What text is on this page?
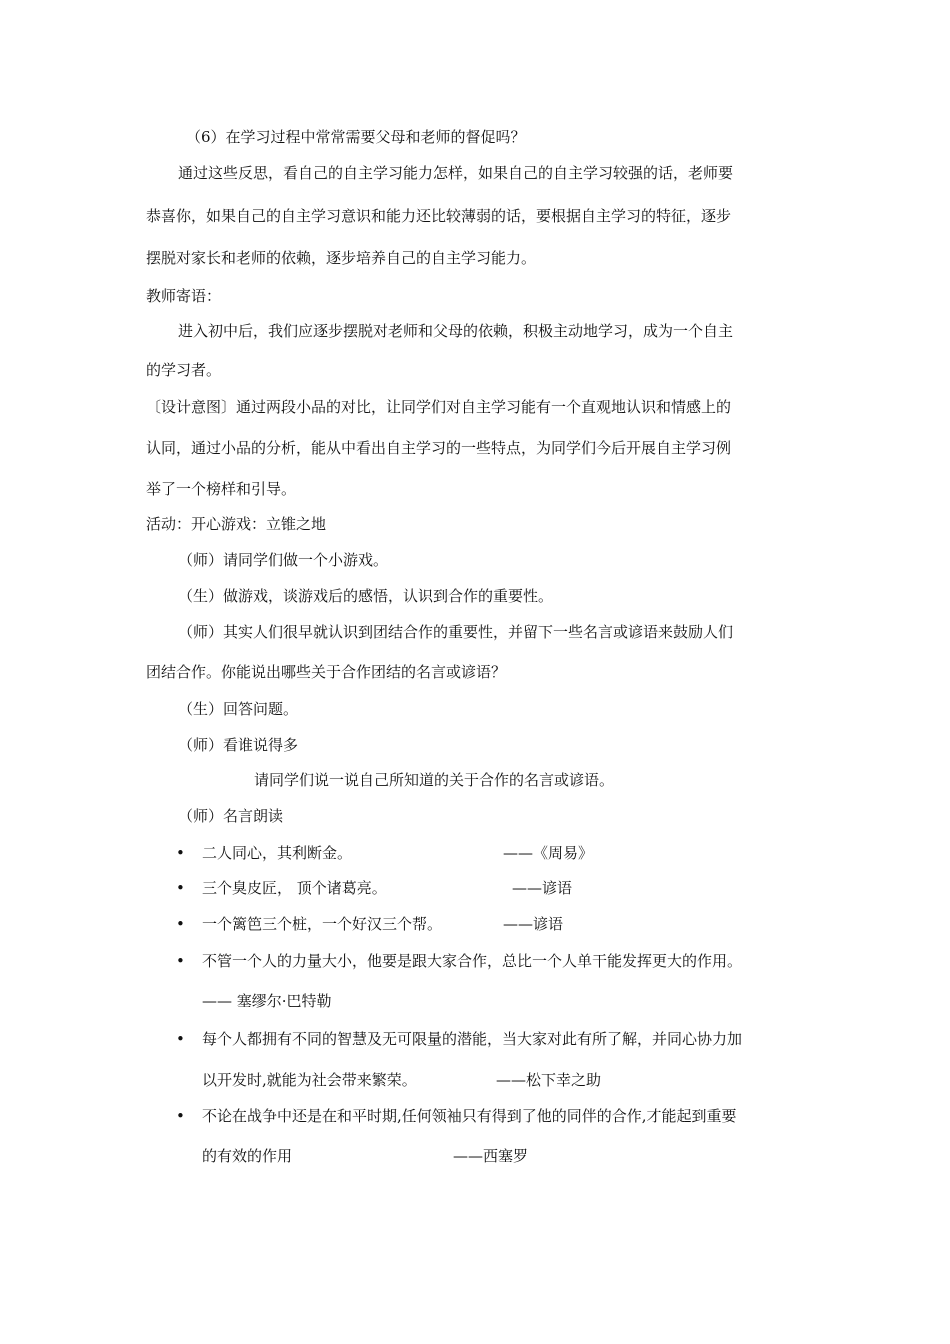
（6）在学习过程中常常需要父母和老师的督促吗？
通过这些反思，看自己的自主学习能力怎样，如果自己的自主学习较强的话，老师要
恭喜你，如果自己的自主学习意识和能力还比较薄弱的话，要根据自主学习的特征，逐步
摆脱对家长和老师的依赖，逐步培养自己的自主学习能力。
教师寄语：
进入初中后，我们应逐步摆脱对老师和父母的依赖，积极主动地学习，成为一个自主
的学习者。
〔设计意图〕通过两段小品的对比，让同学们对自主学习能有一个直观地认识和情感上的
认同，通过小品的分析，能从中看出自主学习的一些特点，为同学们今后开展自主学习例
举了一个榜样和引导。
活动：开心游戏：立锥之地
（师）请同学们做一个小游戏。
（生）做游戏，谈游戏后的感悟，认识到合作的重要性。
（师）其实人们很早就认识到团结合作的重要性，并留下一些名言或谚语来鼓励人们
团结合作。你能说出哪些关于合作团结的名言或谚语？
（生）回答问题。
（师）看谁说得多
请同学们说一说自己所知道的关于合作的名言或谚语。
（师）名言朗读
• 二人同心，其利断金。	——《周易》
• 三个臭皮匠， 顶个诸葛亮。	——谚语
• 一个篱笆三个桩，一个好汉三个帮。	——谚语
• 不管一个人的力量大小，他要是跟大家合作，总比一个人单干能发挥更大的作用。
—— 塞缪尔·巴特勒
• 每个人都拥有不同的智慧及无可限量的潜能，当大家对此有所了解，并同心协力加
以开发时,就能为社会带来繁荣。	——松下幸之助
• 不论在战争中还是在和平时期,任何领袖只有得到了他的同伴的合作,才能起到重要
的有效的作用	——西塞罗
